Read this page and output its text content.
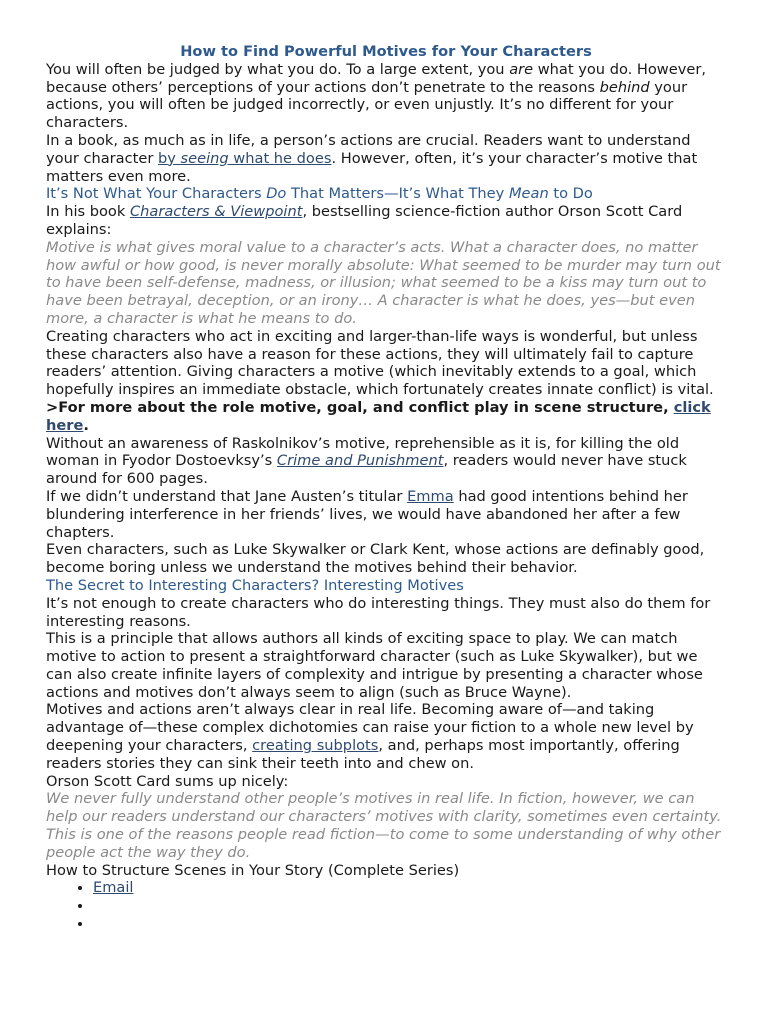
How to Find Powerful Motives for Your Characters

You will often be judged by what you do. To a large extent, you are what you do. However, because others’ perceptions of your actions don’t penetrate to the reasons behind your actions, you will often be judged incorrectly, or even unjustly. It’s no different for your characters.

In a book, as much as in life, a person’s actions are crucial. Readers want to understand your character by seeing what he does. However, often, it’s your character’s motive that matters even more.

It’s Not What Your Characters Do That Matters—It’s What They Mean to Do

In his book Characters & Viewpoint, bestselling science-fiction author Orson Scott Card explains:

Motive is what gives moral value to a character’s acts. What a character does, no matter how awful or how good, is never morally absolute: What seemed to be murder may turn out to have been self-defense, madness, or illusion; what seemed to be a kiss may turn out to have been betrayal, deception, or an irony… A character is what he does, yes—but even more, a character is what he means to do.

Creating characters who act in exciting and larger-than-life ways is wonderful, but unless these characters also have a reason for these actions, they will ultimately fail to capture readers’ attention. Giving characters a motive (which inevitably extends to a goal, which hopefully inspires an immediate obstacle, which fortunately creates innate conflict) is vital.

>For more about the role motive, goal, and conflict play in scene structure, click here.

Without an awareness of Raskolnikov’s motive, reprehensible as it is, for killing the old woman in Fyodor Dostoevksy’s Crime and Punishment, readers would never have stuck around for 600 pages.

If we didn’t understand that Jane Austen’s titular Emma had good intentions behind her blundering interference in her friends’ lives, we would have abandoned her after a few chapters.

Even characters, such as Luke Skywalker or Clark Kent, whose actions are definably good, become boring unless we understand the motives behind their behavior.

The Secret to Interesting Characters? Interesting Motives

It’s not enough to create characters who do interesting things. They must also do them for interesting reasons.

This is a principle that allows authors all kinds of exciting space to play. We can match motive to action to present a straightforward character (such as Luke Skywalker), but we can also create infinite layers of complexity and intrigue by presenting a character whose actions and motives don’t always seem to align (such as Bruce Wayne).

Motives and actions aren’t always clear in real life. Becoming aware of—and taking advantage of—these complex dichotomies can raise your fiction to a whole new level by deepening your characters, creating subplots, and, perhaps most importantly, offering readers stories they can sink their teeth into and chew on.

Orson Scott Card sums up nicely:

We never fully understand other people’s motives in real life. In fiction, however, we can help our readers understand our characters’ motives with clarity, sometimes even certainty. This is one of the reasons people read fiction—to come to some understanding of why other people act the way they do.

How to Structure Scenes in Your Story (Complete Series)

• Email
•
•
